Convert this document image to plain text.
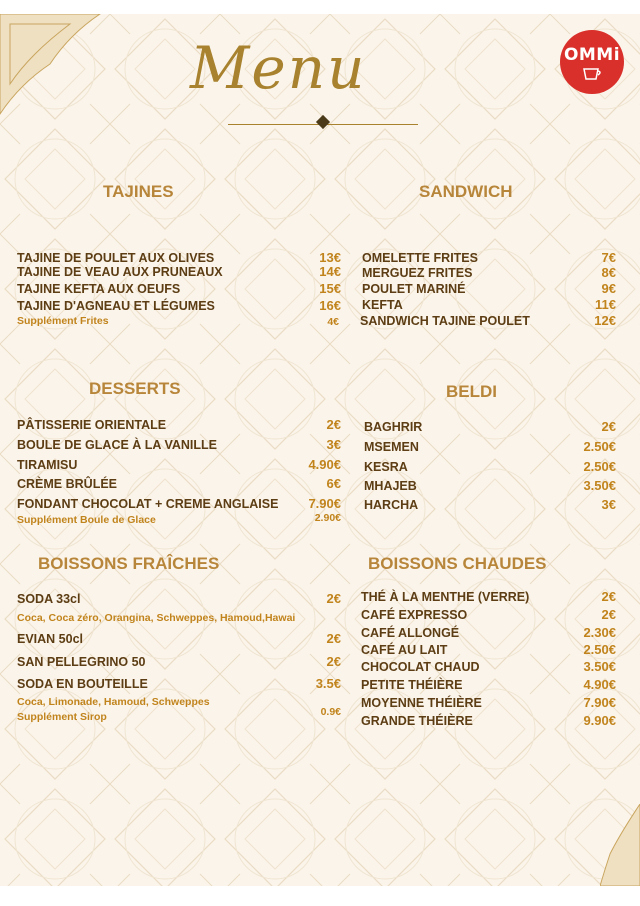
OMMi
Menu
TAJINES
TAJINE DE POULET AUX OLIVES	13€
TAJINE DE VEAU AUX PRUNEAUX	14€
TAJINE KEFTA AUX OEUFS	15€
TAJINE D'AGNEAU ET LÉGUMES	16€
Supplément Frites	4€
SANDWICH
OMELETTE FRITES	7€
MERGUEZ FRITES	8€
POULET MARINÉ	9€
KEFTA	11€
SANDWICH TAJINE POULET	12€
DESSERTS
PÂTISSERIE ORIENTALE	2€
BOULE DE GLACE À LA VANILLE	3€
TIRAMISU	4.90€
CRÈME BRÛLÉE	6€
FONDANT CHOCOLAT + CREME ANGLAISE	7.90€
Supplément Boule de Glace	2.90€
BELDI
BAGHRIR	2€
MSEMEN	2.50€
KESRA	2.50€
MHAJEB	3.50€
HARCHA	3€
BOISSONS FRAÎCHES
SODA 33cl	2€
Coca, Coca zéro, Orangina, Schweppes, Hamoud,Hawai
EVIAN 50cl	2€
SAN PELLEGRINO 50	2€
SODA EN BOUTEILLE	3.5€
Coca, Limonade, Hamoud, Schweppes
Supplément Sirop	0.9€
BOISSONS CHAUDES
THÉ À LA MENTHE (VERRE)	2€
CAFÉ EXPRESSO	2€
CAFÉ ALLONGÉ	2.30€
CAFÉ AU LAIT	2.50€
CHOCOLAT CHAUD	3.50€
PETITE THÉIÈRE	4.90€
MOYENNE THÉIÈRE	7.90€
GRANDE THÉIÈRE	9.90€
